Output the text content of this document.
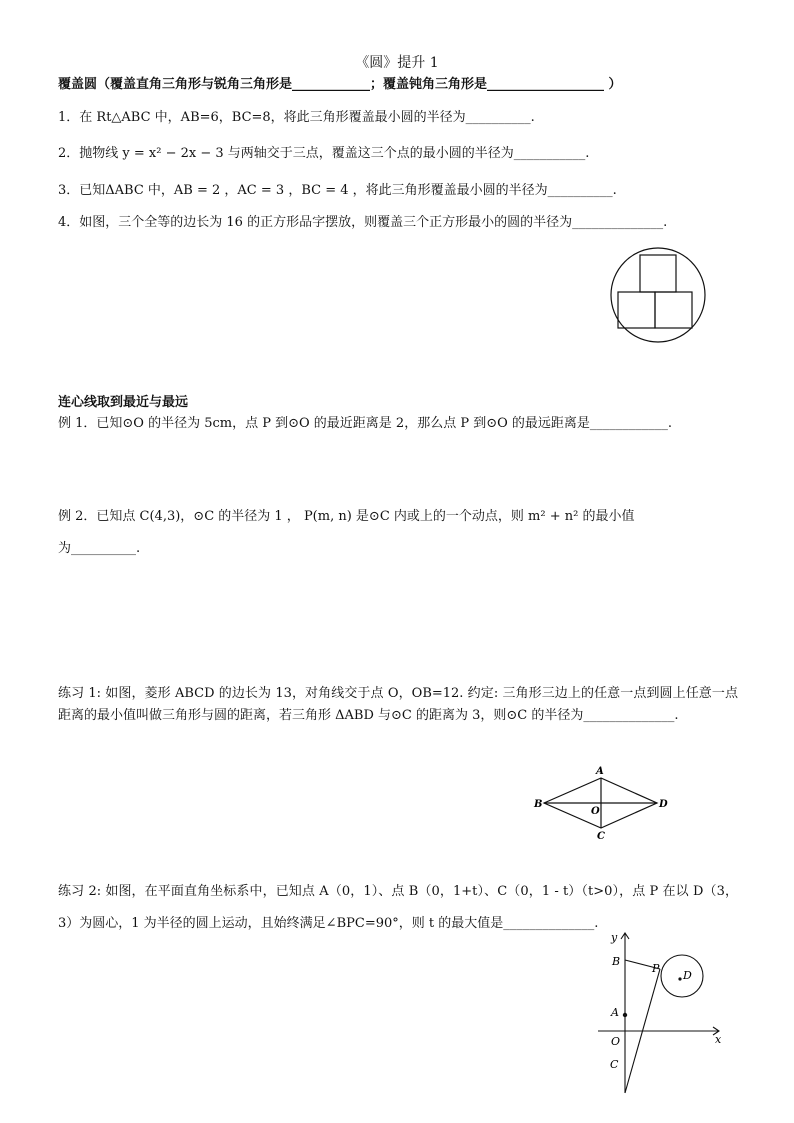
《圆》提升 1
覆盖圆（覆盖直角三角形与锐角三角形是____________；覆盖钝角三角形是__________________ ）
1．在 Rt△ABC 中，AB=6，BC=8，将此三角形覆盖最小圆的半径为__________.
2．抛物线 y = x² − 2x − 3 与两轴交于三点，覆盖这三个点的最小圆的半径为___________.
3．已知ΔABC 中，AB = 2 ，AC = 3 ，BC = 4 ，将此三角形覆盖最小圆的半径为__________.
4．如图，三个全等的边长为 16 的正方形品字摆放，则覆盖三个正方形最小的圆的半径为______________.
连心线取到最近与最远
例 1．已知⊙O 的半径为 5cm，点 P 到⊙O 的最近距离是 2，那么点 P 到⊙O 的最远距离是____________.
例 2．已知点 C(4,3)，⊙C 的半径为 1 ， P(m, n) 是⊙C 内或上的一个动点，则 m² + n² 的最小值
为__________.
练习 1: 如图，菱形 ABCD 的边长为 13，对角线交于点 O，OB=12. 约定: 三角形三边上的任意一点到圆上任意一点距离的最小值叫做三角形与圆的距离，若三角形 ΔABD 与⊙C 的距离为 3，则⊙C 的半径为______________.
A
B	D
C
O
练习 2: 如图，在平面直角坐标系中，已知点 A（0，1）、点 B（0，1+t）、C（0，1 - t）（t>0），点 P 在以 D（3，3）为圆心，1 为半径的圆上运动，且始终满足∠BPC=90°，则 t 的最大值是______________.
y
x
B
P
D
A
O
C
